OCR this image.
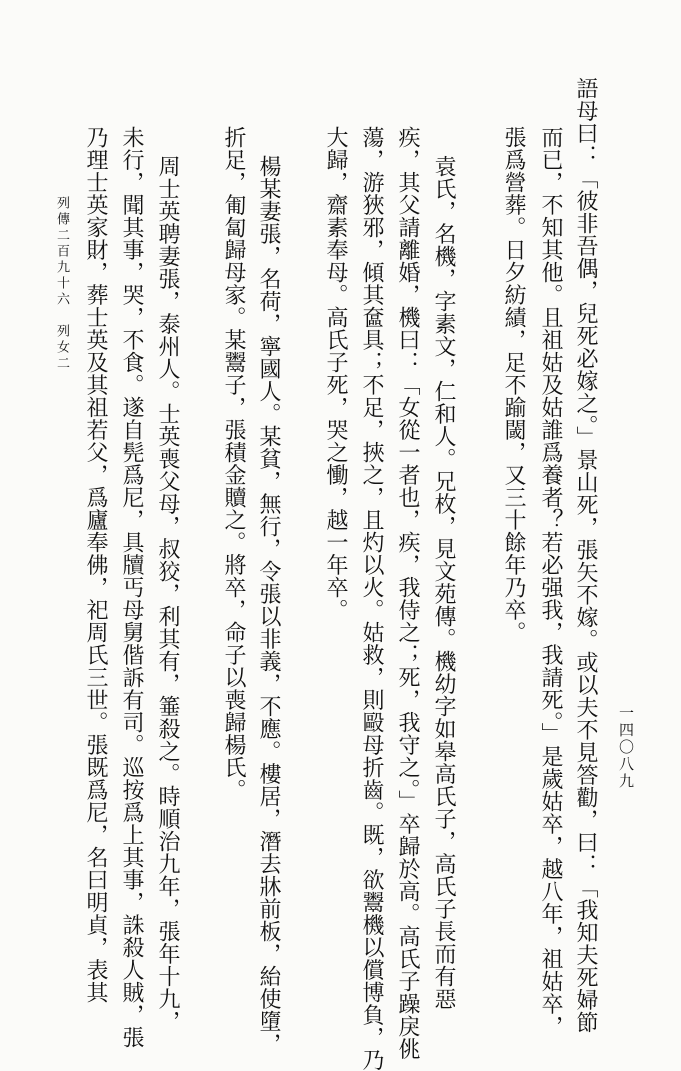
語母曰：「彼非吾偶，兒死必嫁之。」景山死，張矢不嫁。或以夫不見答勸，曰：「我知夫死婦節
而已，不知其他。且祖姑及姑誰爲養者？若必强我，我請死。」是歲姑卒，越八年，祖姑卒，
張爲營葬。日夕紡績，足不踰閾，又三十餘年乃卒。
袁氏，名機，字素文，仁和人。兄枚，見文苑傳。機幼字如皋高氏子，高氏子長而有惡
疾，其父請離婚，機曰：「女從一者也，疾，我侍之；死，我守之。」卒歸於高。高氏子躁戾佻
蕩，游狹邪，傾其奩具；不足，挾之，且灼以火。姑救，則毆母折齒。既，欲鬻機以償博負，乃
大歸，齋素奉母。高氏子死，哭之慟，越一年卒。
楊某妻張，名荷，寧國人。某貧，無行，令張以非義，不應。樓居，潛去牀前板，紿使墮，
折足，匍匐歸母家。某鬻子，張積金贖之。將卒，命子以喪歸楊氏。
周士英聘妻張，泰州人。士英喪父母，叔狡，利其有，箠殺之。時順治九年，張年十九，
未行，聞其事，哭，不食。遂自髡爲尼，具牘丐母舅偕訴有司。巡按爲上其事，誅殺人賊，張
乃理士英家財，葬士英及其祖若父，爲廬奉佛，祀周氏三世。張既爲尼，名曰明貞，表其
列傳二百九十六　列女二
一四〇八九
